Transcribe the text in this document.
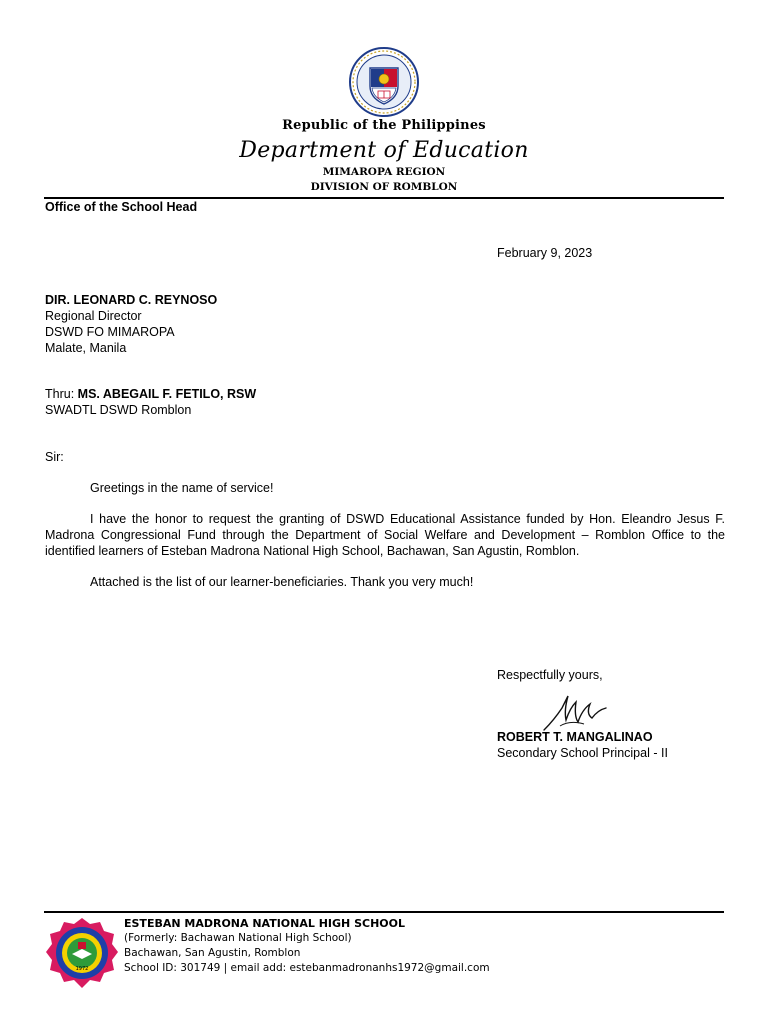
Republic of the Philippines
Department of Education
MIMAROPA REGION
DIVISION OF ROMBLON
Office of the School Head
February 9, 2023
DIR. LEONARD C. REYNOSO
Regional Director
DSWD FO MIMAROPA
Malate, Manila
Thru: MS. ABEGAIL F. FETILO, RSW
SWADTL DSWD Romblon
Sir:
Greetings in the name of service!
I have the honor to request the granting of DSWD Educational Assistance funded by Hon. Eleandro Jesus F. Madrona Congressional Fund through the Department of Social Welfare and Development – Romblon Office to the identified learners of Esteban Madrona National High School, Bachawan, San Agustin, Romblon.
Attached is the list of our learner-beneficiaries. Thank you very much!
Respectfully yours,
ROBERT T. MANGALINAO
Secondary School Principal - II
1972
ESTEBAN MADRONA NATIONAL HIGH SCHOOL
(Formerly: Bachawan National High School)
Bachawan, San Agustin, Romblon
School ID: 301749 | email add: estebanmadronanhs1972@gmail.com
